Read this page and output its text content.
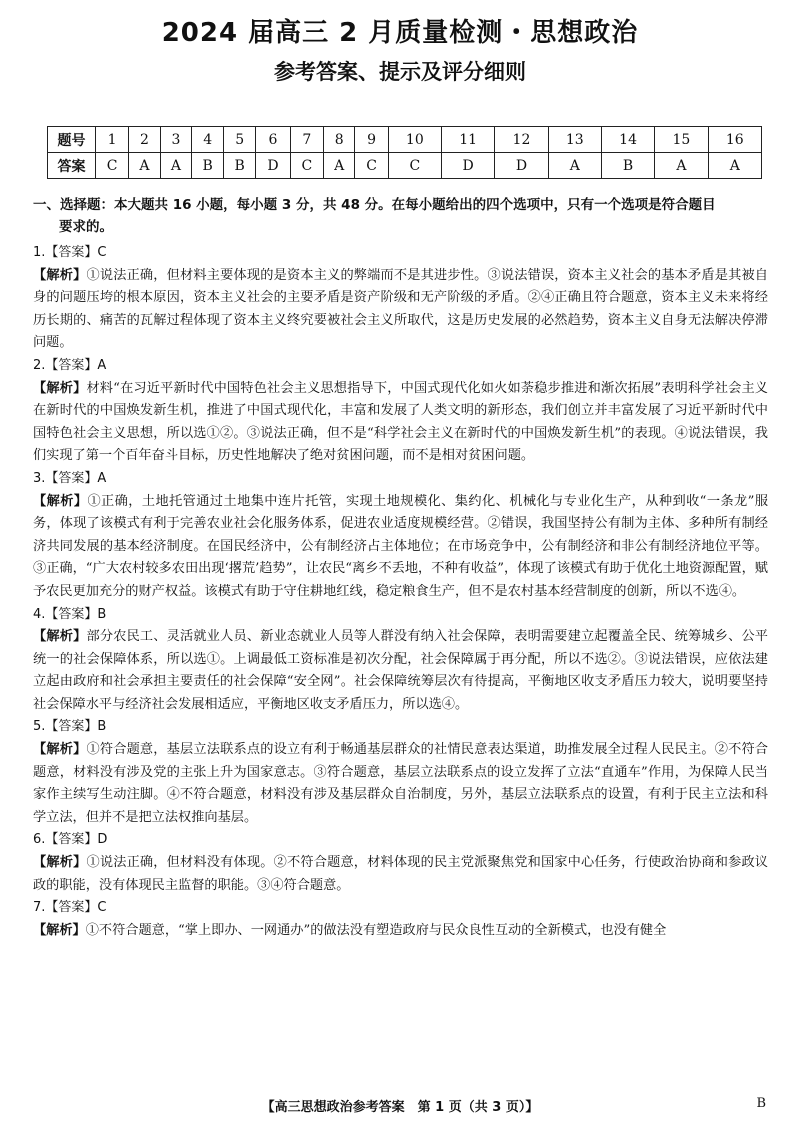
2024 届高三 2 月质量检测・思想政治
参考答案、提示及评分细则
题号	1	2	3	4	5	6	7	8	9	10	11	12	13	14	15	16
答案	C	A	A	B	B	D	C	A	C	C	D	D	A	B	A	A
一、选择题：本大题共 16 小题，每小题 3 分，共 48 分。在每小题给出的四个选项中，只有一个选项是符合题目
要求的。
1.【答案】C
【解析】①说法正确，但材料主要体现的是资本主义的弊端而不是其进步性。③说法错误，资本主义社会的基本矛盾是其被自身的问题压垮的根本原因，资本主义社会的主要矛盾是资产阶级和无产阶级的矛盾。②④正确且符合题意，资本主义未来将经历长期的、痛苦的瓦解过程体现了资本主义终究要被社会主义所取代，这是历史发展的必然趋势，资本主义自身无法解决停滞问题。
2.【答案】A
【解析】材料“在习近平新时代中国特色社会主义思想指导下，中国式现代化如火如荼稳步推进和渐次拓展”表明科学社会主义在新时代的中国焕发新生机，推进了中国式现代化，丰富和发展了人类文明的新形态，我们创立并丰富发展了习近平新时代中国特色社会主义思想，所以选①②。③说法正确，但不是“科学社会主义在新时代的中国焕发新生机”的表现。④说法错误，我们实现了第一个百年奋斗目标，历史性地解决了绝对贫困问题，而不是相对贫困问题。
3.【答案】A
【解析】①正确，土地托管通过土地集中连片托管，实现土地规模化、集约化、机械化与专业化生产，从种到收“一条龙”服务，体现了该模式有利于完善农业社会化服务体系，促进农业适度规模经营。②错误，我国坚持公有制为主体、多种所有制经济共同发展的基本经济制度。在国民经济中，公有制经济占主体地位；在市场竞争中，公有制经济和非公有制经济地位平等。③正确，“广大农村较多农田出现‘撂荒’趋势”，让农民“离乡不丢地，不种有收益”，体现了该模式有助于优化土地资源配置，赋予农民更加充分的财产权益。该模式有助于守住耕地红线，稳定粮食生产，但不是农村基本经营制度的创新，所以不选④。
4.【答案】B
【解析】部分农民工、灵活就业人员、新业态就业人员等人群没有纳入社会保障，表明需要建立起覆盖全民、统筹城乡、公平统一的社会保障体系，所以选①。上调最低工资标准是初次分配，社会保障属于再分配，所以不选②。③说法错误，应依法建立起由政府和社会承担主要责任的社会保障“安全网”。社会保障统筹层次有待提高，平衡地区收支矛盾压力较大，说明要坚持社会保障水平与经济社会发展相适应，平衡地区收支矛盾压力，所以选④。
5.【答案】B
【解析】①符合题意，基层立法联系点的设立有利于畅通基层群众的社情民意表达渠道，助推发展全过程人民民主。②不符合题意，材料没有涉及党的主张上升为国家意志。③符合题意，基层立法联系点的设立发挥了立法“直通车”作用，为保障人民当家作主续写生动注脚。④不符合题意，材料没有涉及基层群众自治制度，另外，基层立法联系点的设置，有利于民主立法和科学立法，但并不是把立法权推向基层。
6.【答案】D
【解析】①说法正确，但材料没有体现。②不符合题意，材料体现的民主党派聚焦党和国家中心任务，行使政治协商和参政议政的职能，没有体现民主监督的职能。③④符合题意。
7.【答案】C
【解析】①不符合题意，“掌上即办、一网通办”的做法没有塑造政府与民众良性互动的全新模式，也没有健全
【高三思想政治参考答案　第 1 页（共 3 页）】	B
